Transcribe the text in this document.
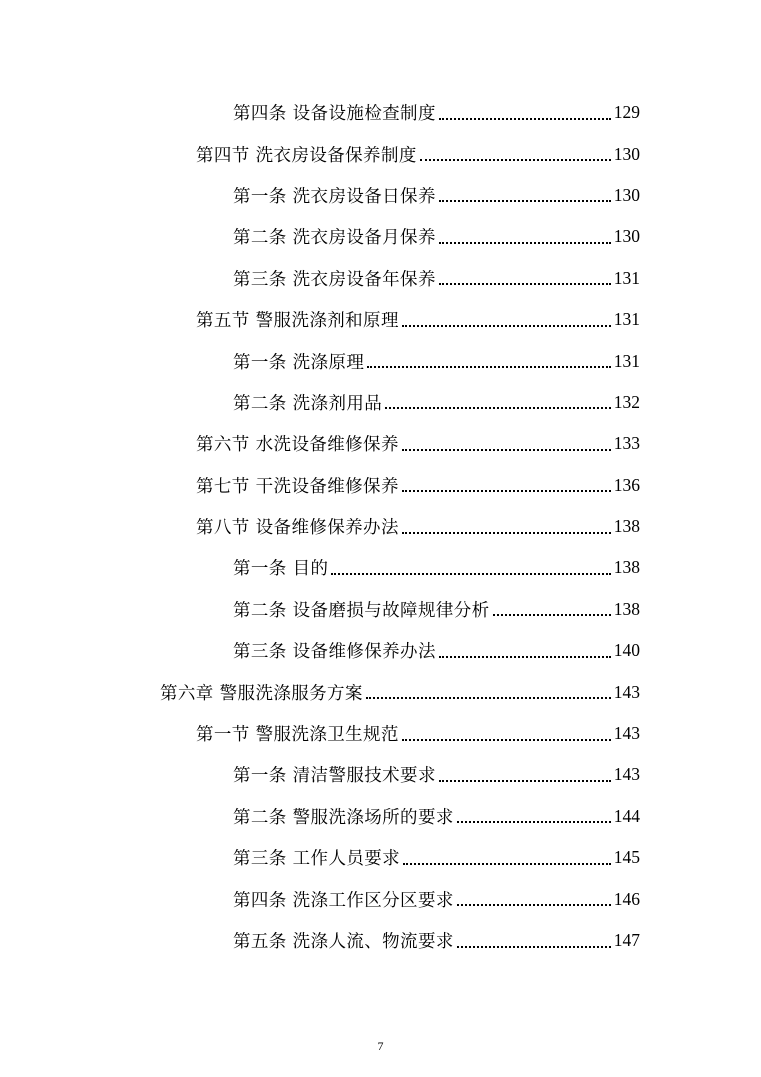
第四条 设备设施检查制度	129
第四节 洗衣房设备保养制度	130
第一条 洗衣房设备日保养	130
第二条 洗衣房设备月保养	130
第三条 洗衣房设备年保养	131
第五节 警服洗涤剂和原理	131
第一条 洗涤原理	131
第二条 洗涤剂用品	132
第六节 水洗设备维修保养	133
第七节 干洗设备维修保养	136
第八节 设备维修保养办法	138
第一条 目的	138
第二条 设备磨损与故障规律分析	138
第三条 设备维修保养办法	140
第六章 警服洗涤服务方案	143
第一节 警服洗涤卫生规范	143
第一条 清洁警服技术要求	143
第二条 警服洗涤场所的要求	144
第三条 工作人员要求	145
第四条 洗涤工作区分区要求	146
第五条 洗涤人流、物流要求	147
7
